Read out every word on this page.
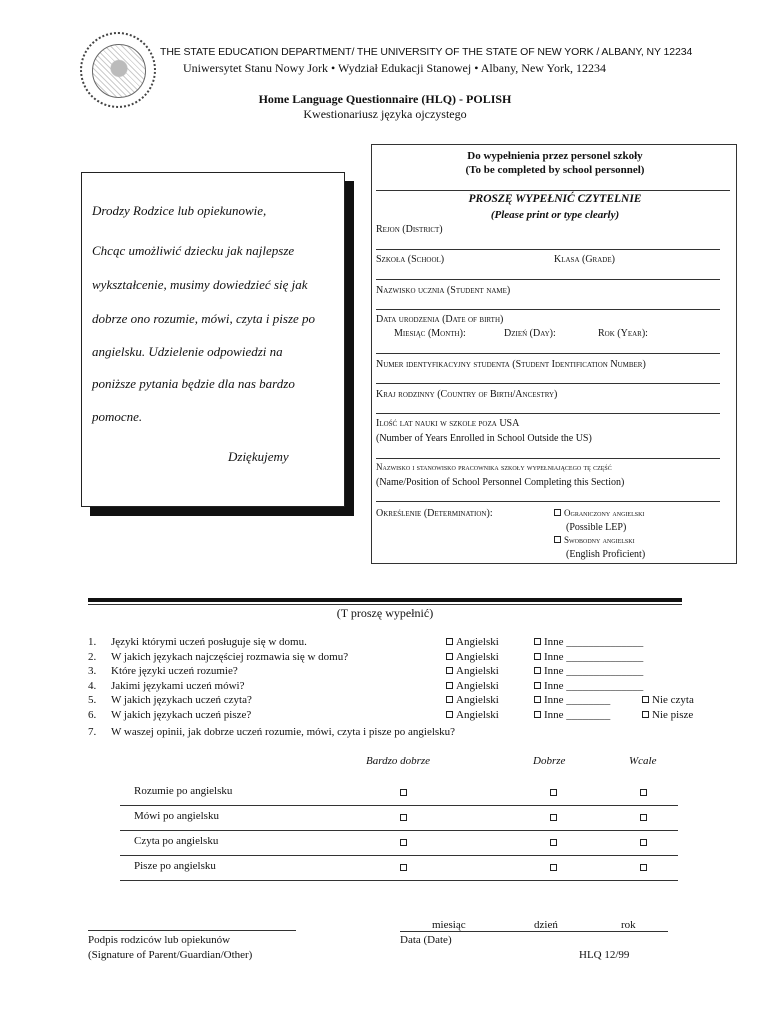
THE STATE EDUCATION DEPARTMENT/ THE UNIVERSITY OF THE STATE OF NEW YORK / ALBANY, NY 12234
Uniwersytet Stanu Nowy Jork • Wydział Edukacji Stanowej • Albany, New York, 12234
Home Language Questionnaire (HLQ) - POLISH
Kwestionariusz języka ojczystego

Drodzy Rodzice lub opiekunowie,

Chcąc umożliwić dziecku jak najlepsze

wykształcenie, musimy dowiedzieć się jak

dobrze ono rozumie, mówi, czyta i pisze po

angielsku. Udzielenie odpowiedzi na

poniższe pytania będzie dla nas bardzo

pomocne.

Dziękujemy

Do wypełnienia przez personel szkoły
(To be completed by school personnel)
PROSZĘ WYPEŁNIĆ CZYTELNIE
(Please print or type clearly)
Rejon (District)
Szkoła (School)	Klasa (Grade)
Nazwisko ucznia (Student name)
Data urodzenia (Date of birth)
Miesiąc (Month):	Dzień (Day):	Rok (Year):
Numer identyfikacyjny studenta (Student Identification Number)
Kraj rodzinny (Country of Birth/Ancestry)
Ilość lat nauki w szkole poza USA
(Number of Years Enrolled in School Outside the US)
Nazwisko i stanowisko pracownika szkoły wypełniającego tę część
(Name/Position of School Personnel Completing this Section)
Określenie (Determination):	Ograniczony angielski
(Possible LEP)
Swobodny angielski
(English Proficient)
(T proszę wypełnić)
1. Języki którymi uczeń posługuje się w domu.	Angielski	Inne ______________
2. W jakich językach najczęściej rozmawia się w domu?	Angielski	Inne ______________
3. Które języki uczeń rozumie?	Angielski	Inne ______________
4. Jakimi językami uczeń mówi?	Angielski	Inne ______________
5. W jakich językach uczeń czyta?	Angielski	Inne ________	Nie czyta
6. W jakich językach uczeń pisze?	Angielski	Inne ________	Nie pisze
7. W waszej opinii, jak dobrze uczeń rozumie, mówi, czyta i pisze po angielsku?
Bardzo dobrze	Dobrze	Wcale
Rozumie po angielsku
Mówi po angielsku
Czyta po angielsku
Pisze po angielsku
Podpis rodziców lub opiekunów
(Signature of Parent/Guardian/Other)
miesiąc	dzień	rok
Data (Date)
HLQ 12/99
